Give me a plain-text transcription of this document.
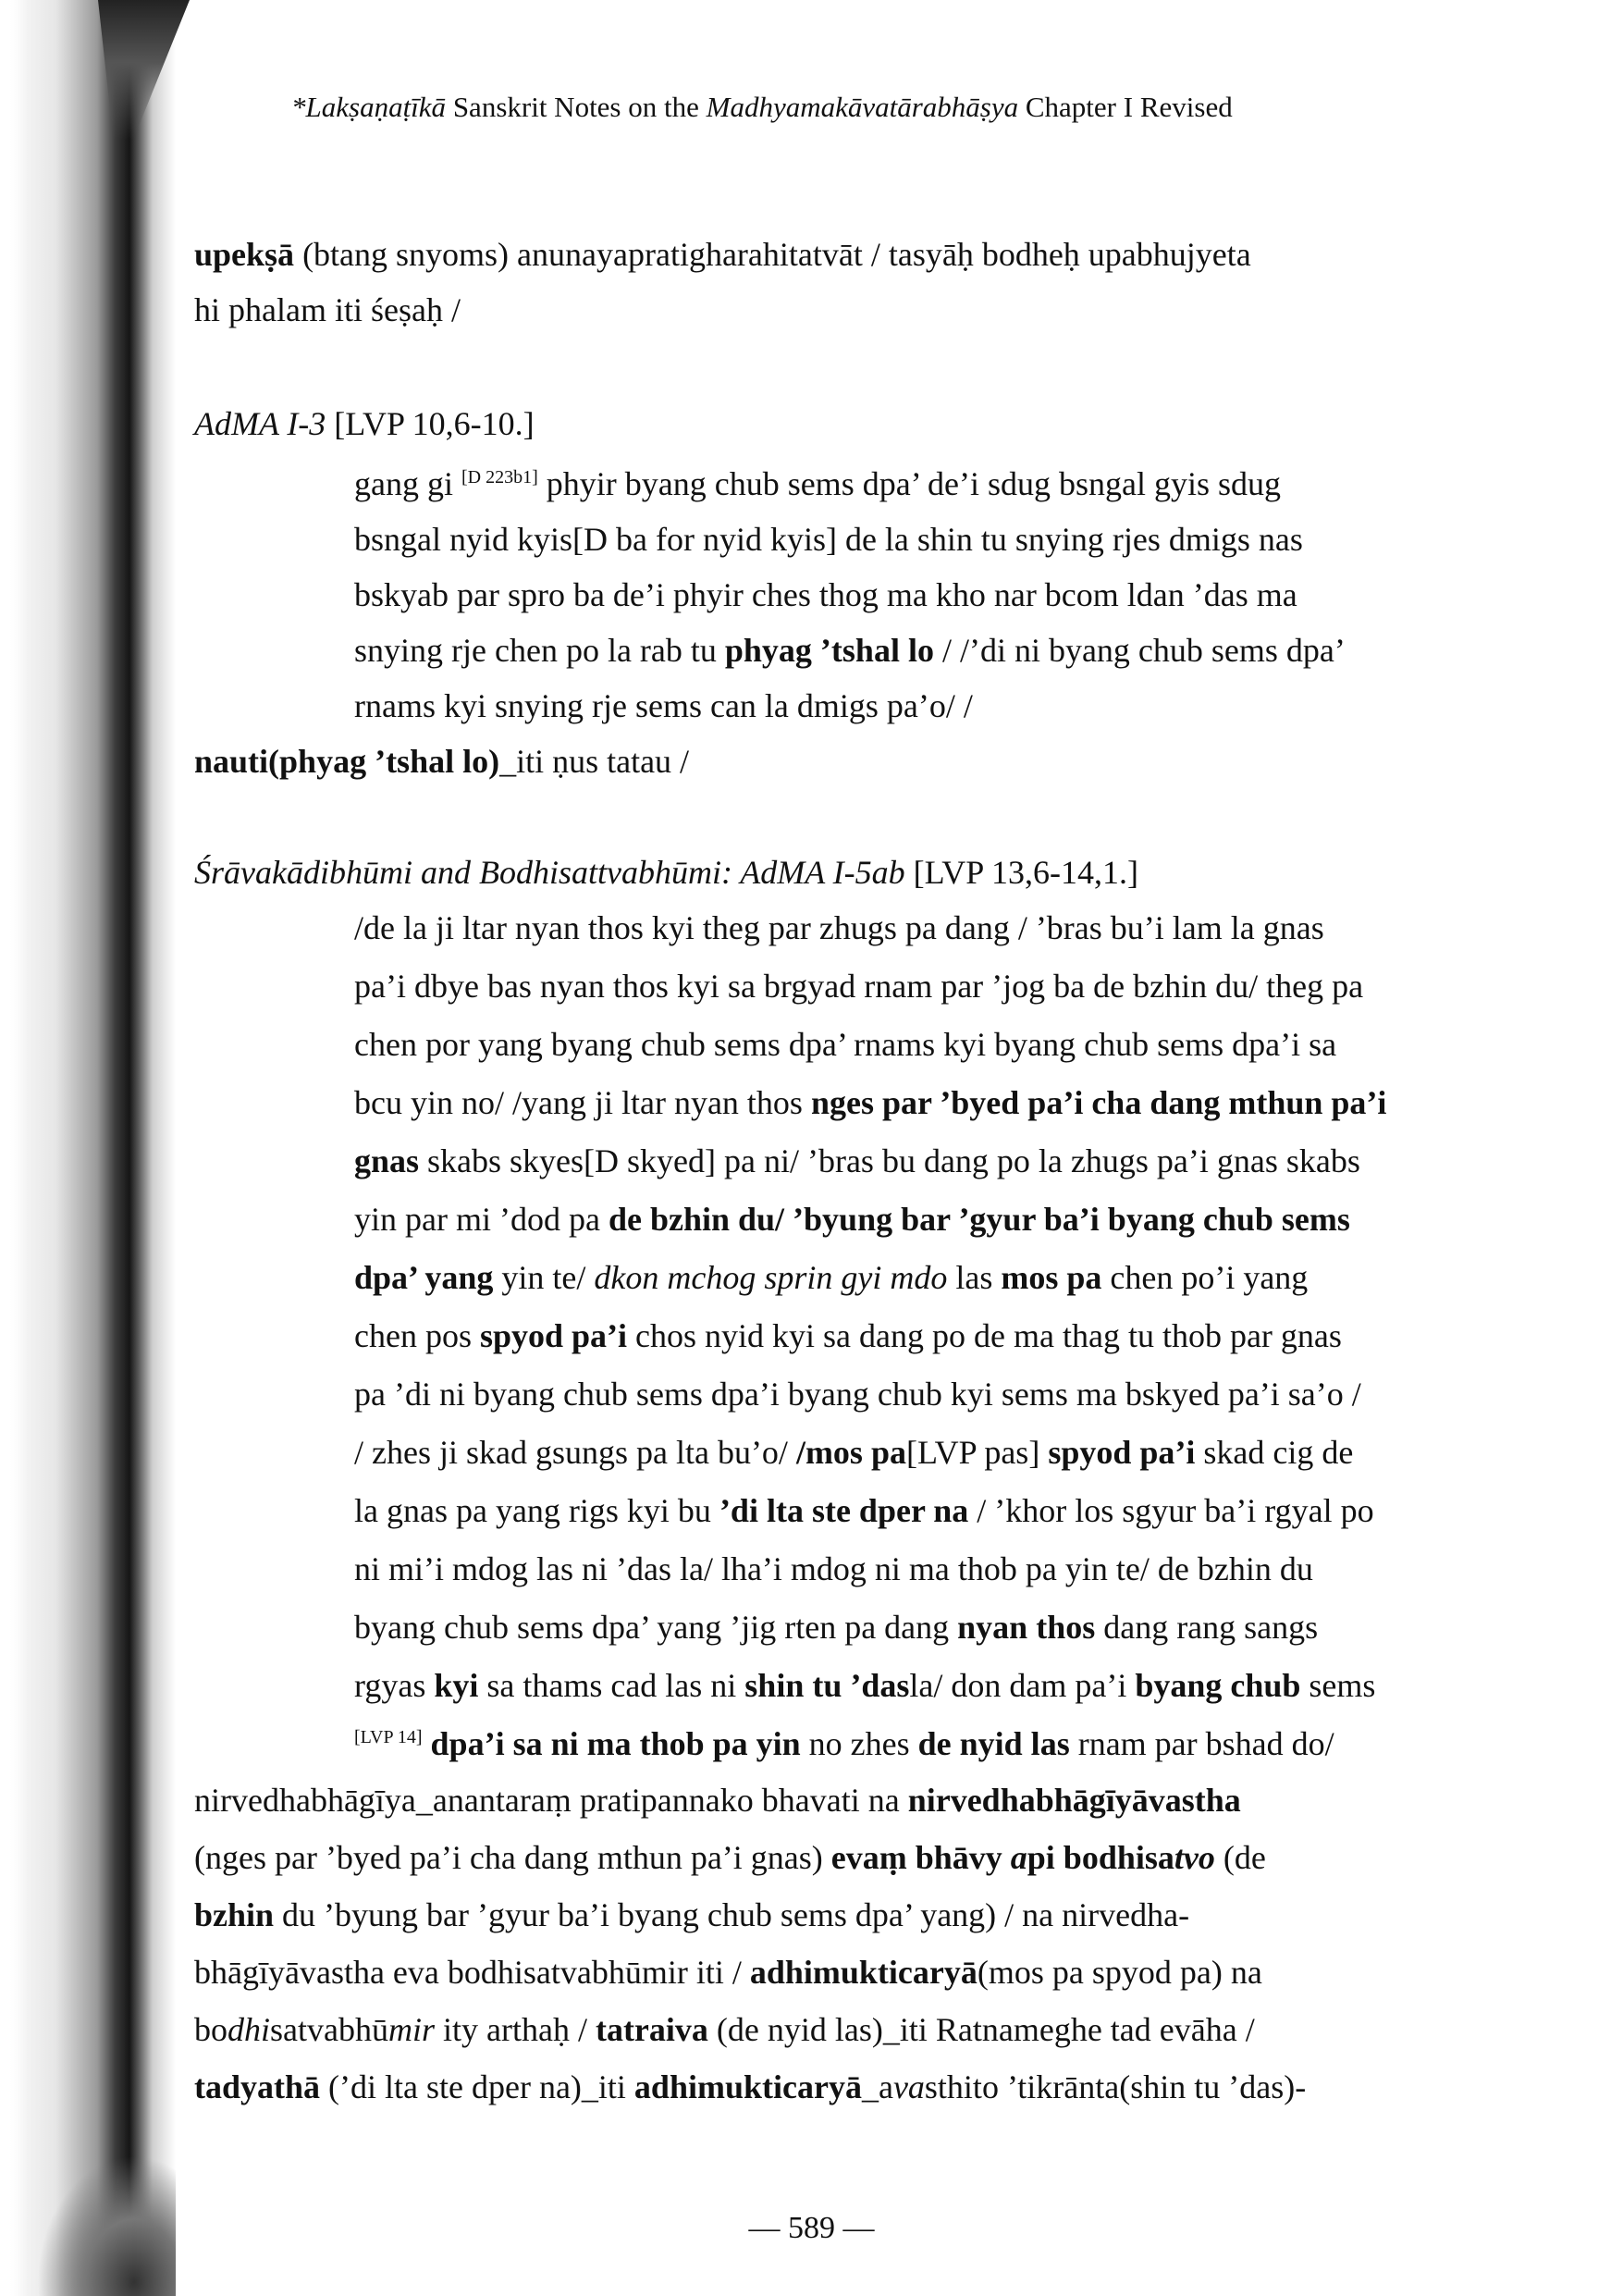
*Lakṣaṇaṭīkā Sanskrit Notes on the Madhyamakāvatārabhāṣya Chapter I Revised
upekṣā (btang snyoms) anunayapratigharahitatvāt / tasyāḥ bodheḥ upabhujyeta
hi phalam iti śeṣaḥ /
AdMA I-3 [LVP 10,6-10.]
gang gi [D 223b1] phyir byang chub sems dpa’ de’i sdug bsngal gyis sdug
bsngal nyid kyis[D ba for nyid kyis] de la shin tu snying rjes dmigs nas
bskyab par spro ba de’i phyir ches thog ma kho nar bcom ldan ’das ma
snying rje chen po la rab tu phyag ’tshal lo / /’di ni byang chub sems dpa’
rnams kyi snying rje sems can la dmigs pa’o/ /
nauti(phyag ’tshal lo)_iti ṇus tatau /
Śrāvakādibhūmi and Bodhisattvabhūmi: AdMA I-5ab [LVP 13,6-14,1.]
/de la ji ltar nyan thos kyi theg par zhugs pa dang / ’bras bu’i lam la gnas
pa’i dbye bas nyan thos kyi sa brgyad rnam par ’jog ba de bzhin du/ theg pa
chen por yang byang chub sems dpa’ rnams kyi byang chub sems dpa’i sa
bcu yin no/ /yang ji ltar nyan thos nges par ’byed pa’i cha dang mthun pa’i
gnas skabs skyes[D skyed] pa ni/ ’bras bu dang po la zhugs pa’i gnas skabs
yin par mi ’dod pa de bzhin du/ ’byung bar ’gyur ba’i byang chub sems
dpa’ yang yin te/ dkon mchog sprin gyi mdo las mos pa chen po’i yang
chen pos spyod pa’i chos nyid kyi sa dang po de ma thag tu thob par gnas
pa ’di ni byang chub sems dpa’i byang chub kyi sems ma bskyed pa’i sa’o /
/ zhes ji skad gsungs pa lta bu’o/ /mos pa[LVP pas] spyod pa’i skad cig de
la gnas pa yang rigs kyi bu ’di lta ste dper na / ’khor los sgyur ba’i rgyal po
ni mi’i mdog las ni ’das la/ lha’i mdog ni ma thob pa yin te/ de bzhin du
byang chub sems dpa’ yang ’jig rten pa dang nyan thos dang rang sangs
rgyas kyi sa thams cad las ni shin tu ’dasla/ don dam pa’i byang chub sems
[LVP 14] dpa’i sa ni ma thob pa yin no zhes de nyid las rnam par bshad do/
nirvedhabhāgīya_anantaraṃ pratipannako bhavati na nirvedhabhāgīyāvastha
(nges par ’byed pa’i cha dang mthun pa’i gnas) evaṃ bhāvy api bodhisatvo (de
bzhin du ’byung bar ’gyur ba’i byang chub sems dpa’ yang) / na nirvedha-
bhāgīyāvastha eva bodhisatvabhūmir iti / adhimukticaryā(mos pa spyod pa) na
bodhisatvabhūmir ity arthaḥ / tatraiva (de nyid las)_iti Ratnameghe tad evāha /
tadyathā (’di lta ste dper na)_iti adhimukticaryā_avasthito ’tikrānta(shin tu ’das)-
— 589 —
